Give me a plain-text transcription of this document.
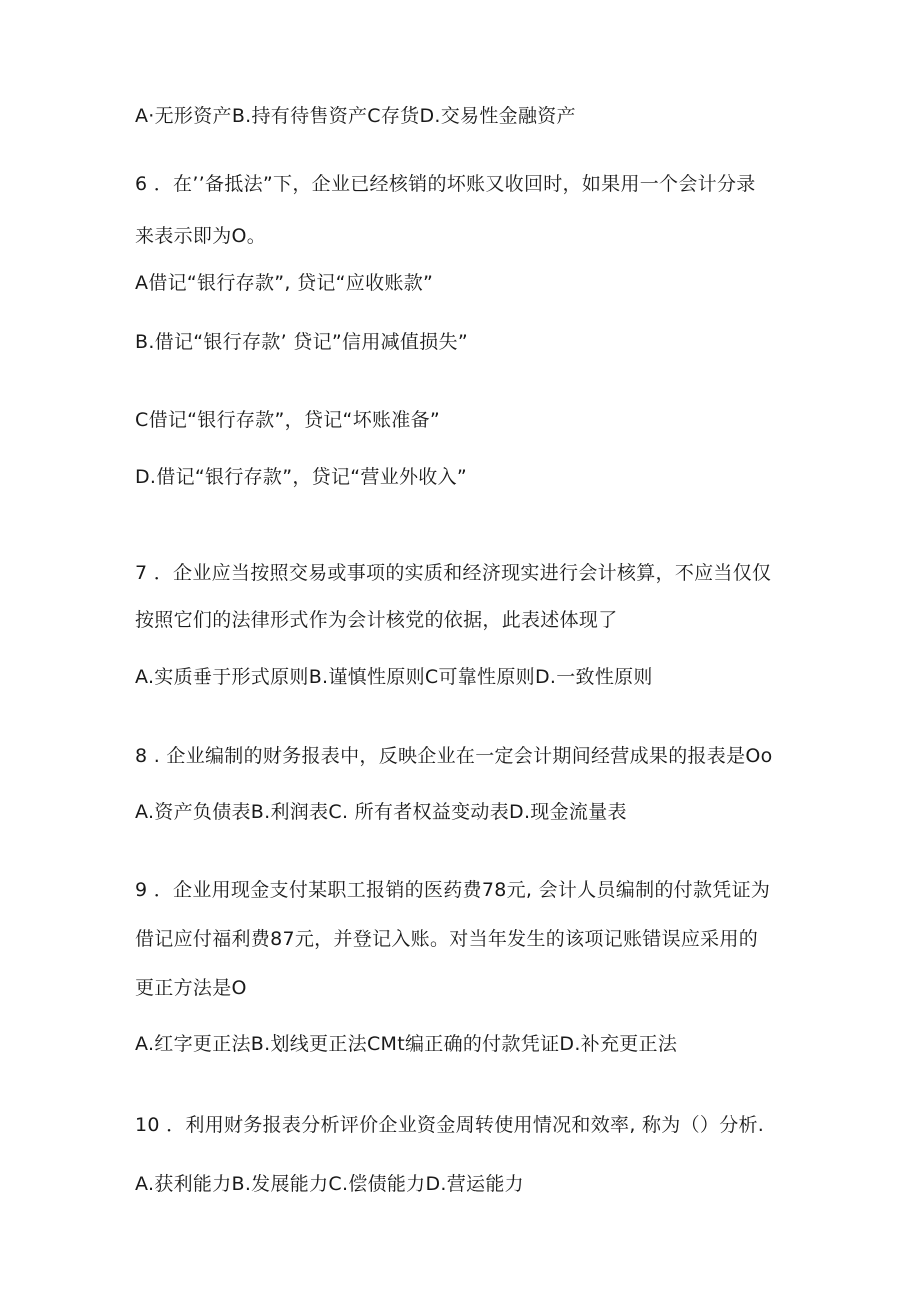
A·无形资产B.持有待售资产C存货D.交易性金融资产
6 ．在’’备抵法”下，企业已经核销的坏账又收回时，如果用一个会计分录
来表示即为O。
A借记“银行存款”, 贷记“应收账款”
B.借记“银行存款’ 贷记”信用减值损失”
C借记“银行存款”，贷记“坏账准备”
D.借记“银行存款”，贷记“营业外收入”
7 ．企业应当按照交易或事项的实质和经济现实进行会计核算，不应当仅仅
按照它们的法律形式作为会计核党的依据，此表述体现了
A.实质垂于形式原则B.谨慎性原则C可靠性原则D.一致性原则
8 . 企业编制的财务报表中，反映企业在一定会计期间经营成果的报表是Oo
A.资产负债表B.利润表C. 所有者权益变动表D.现金流量表
9 ．企业用现金支付某职工报销的医药费78元, 会计人员编制的付款凭证为
借记应付福利费87元，并登记入账。对当年发生的该项记账错误应采用的
更正方法是O
A.红字更正法B.划线更正法CMt编正确的付款凭证D.补充更正法
10 ．利用财务报表分析评价企业资金周转使用情况和效率, 称为（）分析.
A.获利能力B.发展能力C.偿债能力D.营运能力
